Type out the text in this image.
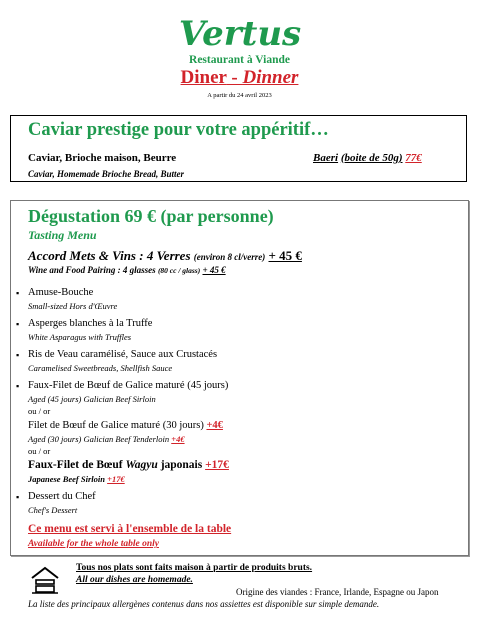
Vertus
Restaurant à Viande
Diner - Dinner
A partir du 24 avril 2023
Caviar prestige pour votre appéritif…
Caviar, Brioche maison, Beurre	Baeri (boite de 50g) 77€
Caviar, Homemade Brioche Bread, Butter
Dégustation 69 € (par personne)
Tasting Menu
Accord Mets & Vins : 4 Verres (environ 8 cl/verre) + 45 €
Wine and Food Pairing : 4 glasses (80 cc / glass) + 45 €
▪ Amuse-Bouche
Small-sized Hors d'Œuvre
▪ Asperges blanches à la Truffe
White Asparagus with Truffles
▪ Ris de Veau caramélisé, Sauce aux Crustacés
Caramelised Sweetbreads, Shellfish Sauce
▪ Faux-Filet de Bœuf de Galice maturé (45 jours)
Aged (45 jours) Galician Beef Sirloin
ou / or
Filet de Bœuf de Galice maturé (30 jours) +4€
Aged (30 jours) Galician Beef Tenderloin +4€
ou / or
Faux-Filet de Bœuf Wagyu japonais +17€
Japanese Beef Sirloin +17€
▪ Dessert du Chef
Chef's Dessert
Ce menu est servi à l'ensemble de la table
Available for the whole table only
Tous nos plats sont faits maison à partir de produits bruts.
All our dishes are homemade.
Origine des viandes : France, Irlande, Espagne ou Japon
La liste des principaux allergènes contenus dans nos assiettes est disponible sur simple demande.
